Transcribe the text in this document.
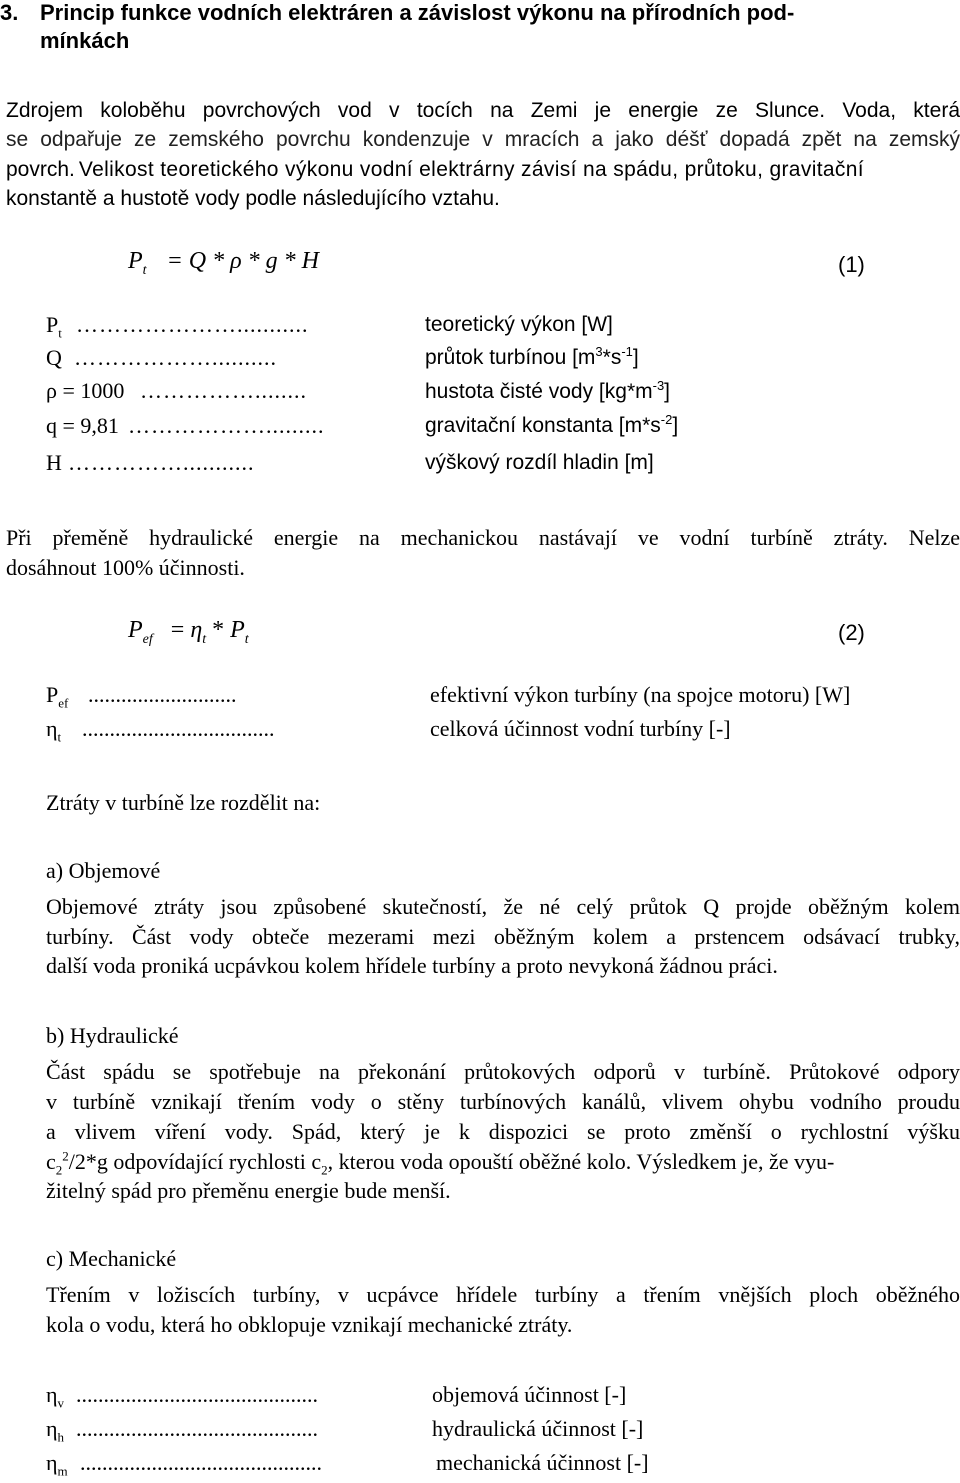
3. Princip funkce vodních elektráren a závislost výkonu na přírodních pod-
mínkách
Zdrojem koloběhu povrchových vod v tocích na Zemi je energie ze Slunce. Voda, která
se odpařuje ze zemského povrchu kondenzuje v mracích a jako déšť dopadá zpět na zemský
povrch. Velikost teoretického výkonu vodní elektrárny závisí na spádu, průtoku, gravitační
konstantě a hustotě vody podle následujícího vztahu.
$P_t = Q * \rho * g * H$	(1)
$P_t$ …………………...........	teoretický výkon [W]
Q ………………..........	průtok turbínou $[m^3*s^{-1}]$
ρ = 1000 ……………........	hustota čisté vody $[kg*m^{-3}]$
q = 9,81 ……………….........	gravitační konstanta $[m*s^{-2}]$
H ……………...........	výškový rozdíl hladin [m]
Při přeměně hydraulické energie na mechanickou nastávají ve vodní turbíně ztráty. Nelze
dosáhnout 100% účinnosti.
$P_{ef} = \eta_t * P_t$	(2)
$P_{ef}$ ...........................	efektivní výkon turbíny (na spojce motoru) [W]
$\eta_t$ ...................................	celková účinnost vodní turbíny [-]
Ztráty v turbíně lze rozdělit na:
a) Objemové
Objemové ztráty jsou způsobené skutečností, že né celý průtok Q projde oběžným kolem
turbíny. Část vody obteče mezerami mezi oběžným kolem a prstencem odsávací trubky,
další voda proniká ucpávkou kolem hřídele turbíny a proto nevykoná žádnou práci.
b) Hydraulické
Část spádu se spotřebuje na překonání průtokových odporů v turbíně. Průtokové odpory
v turbíně vznikají třením vody o stěny turbínových kanálů, vlivem ohybu vodního proudu
a vlivem víření vody. Spád, který je k dispozici se proto změnší o rychlostní výšku
$c_2^2/2*g$ odpovídající rychlosti $c_2$, kterou voda opouští oběžné kolo. Výsledkem je, že vyu-
žitelný spád pro přeměnu energie bude menší.
c) Mechanické
Třením v ložiscích turbíny, v ucpávce hřídele turbíny a třením vnějších ploch oběžného
kola o vodu, která ho obklopuje vznikají mechanické ztráty.
$\eta_v$ ............................................	objemová účinnost [-]
$\eta_h$ ............................................	hydraulická účinnost [-]
$\eta_m$ ............................................	mechanická účinnost [-]
